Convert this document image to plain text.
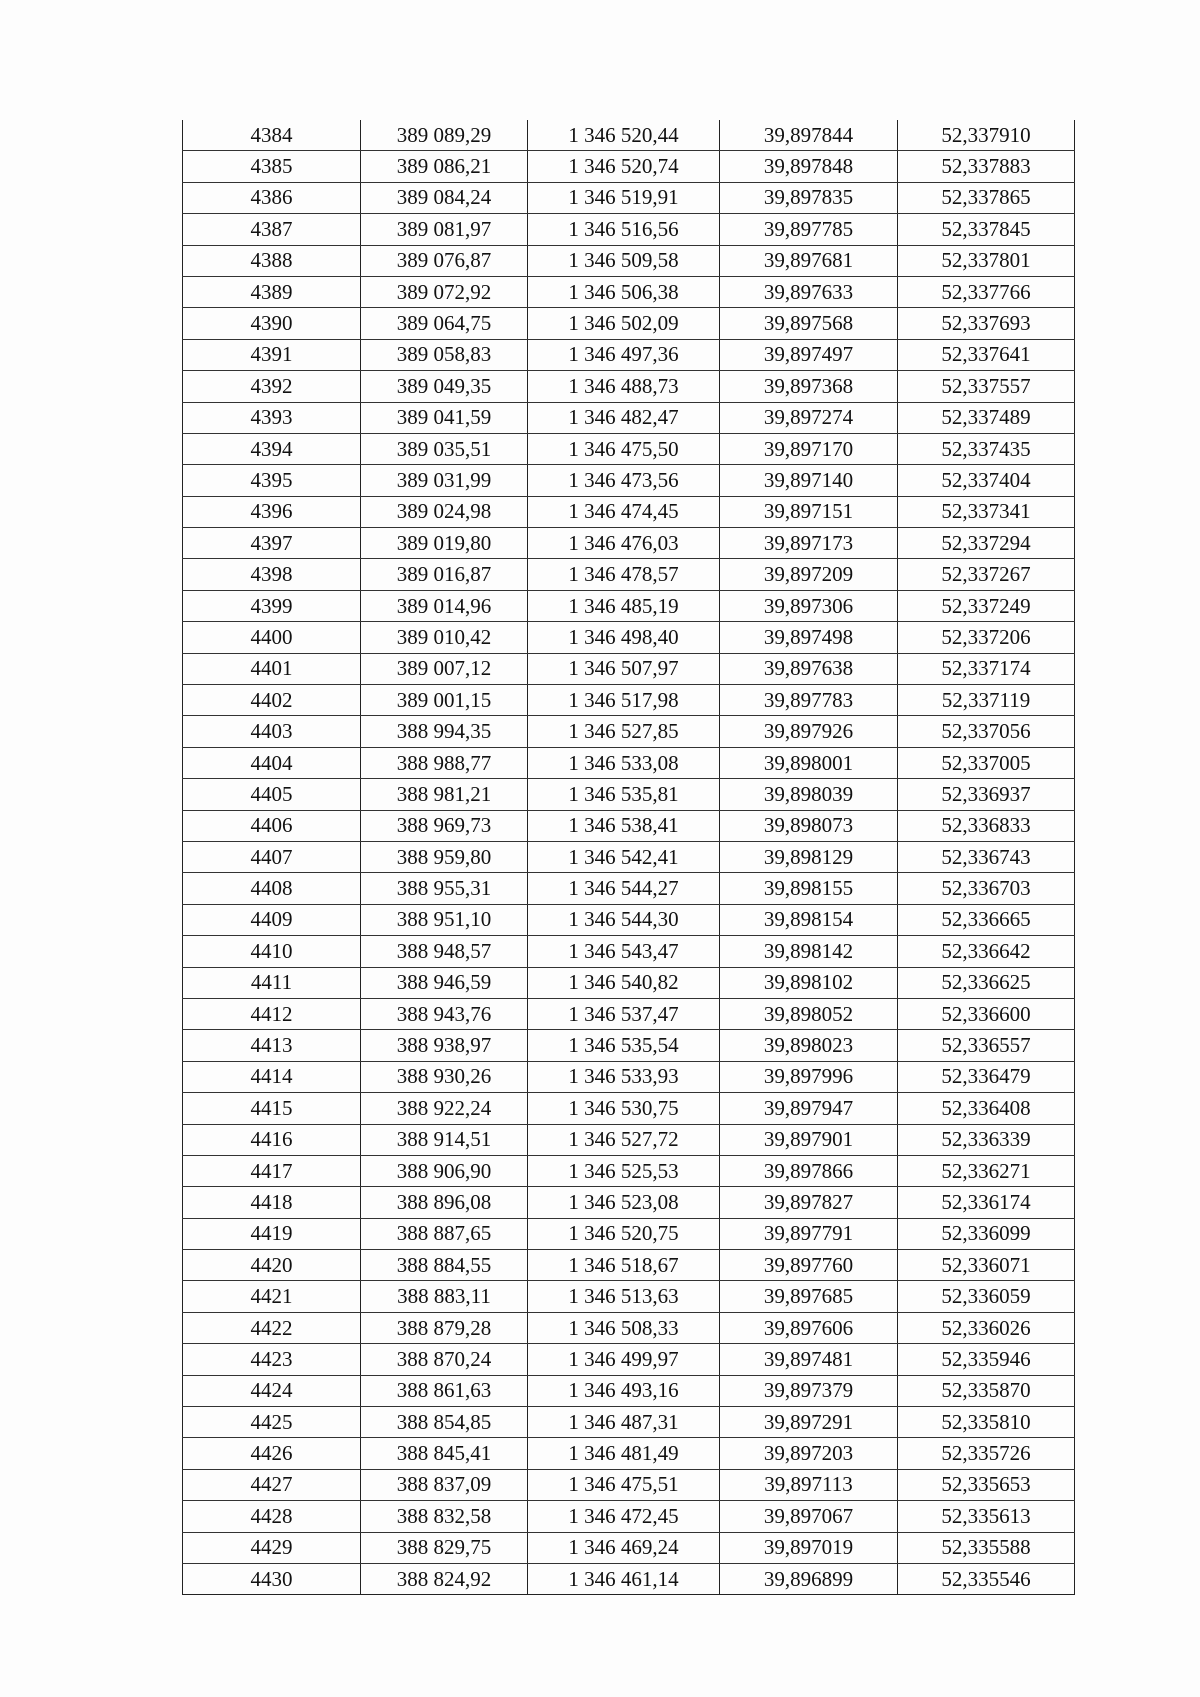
4384	389 089,29	1 346 520,44	39,897844	52,337910
4385	389 086,21	1 346 520,74	39,897848	52,337883
4386	389 084,24	1 346 519,91	39,897835	52,337865
4387	389 081,97	1 346 516,56	39,897785	52,337845
4388	389 076,87	1 346 509,58	39,897681	52,337801
4389	389 072,92	1 346 506,38	39,897633	52,337766
4390	389 064,75	1 346 502,09	39,897568	52,337693
4391	389 058,83	1 346 497,36	39,897497	52,337641
4392	389 049,35	1 346 488,73	39,897368	52,337557
4393	389 041,59	1 346 482,47	39,897274	52,337489
4394	389 035,51	1 346 475,50	39,897170	52,337435
4395	389 031,99	1 346 473,56	39,897140	52,337404
4396	389 024,98	1 346 474,45	39,897151	52,337341
4397	389 019,80	1 346 476,03	39,897173	52,337294
4398	389 016,87	1 346 478,57	39,897209	52,337267
4399	389 014,96	1 346 485,19	39,897306	52,337249
4400	389 010,42	1 346 498,40	39,897498	52,337206
4401	389 007,12	1 346 507,97	39,897638	52,337174
4402	389 001,15	1 346 517,98	39,897783	52,337119
4403	388 994,35	1 346 527,85	39,897926	52,337056
4404	388 988,77	1 346 533,08	39,898001	52,337005
4405	388 981,21	1 346 535,81	39,898039	52,336937
4406	388 969,73	1 346 538,41	39,898073	52,336833
4407	388 959,80	1 346 542,41	39,898129	52,336743
4408	388 955,31	1 346 544,27	39,898155	52,336703
4409	388 951,10	1 346 544,30	39,898154	52,336665
4410	388 948,57	1 346 543,47	39,898142	52,336642
4411	388 946,59	1 346 540,82	39,898102	52,336625
4412	388 943,76	1 346 537,47	39,898052	52,336600
4413	388 938,97	1 346 535,54	39,898023	52,336557
4414	388 930,26	1 346 533,93	39,897996	52,336479
4415	388 922,24	1 346 530,75	39,897947	52,336408
4416	388 914,51	1 346 527,72	39,897901	52,336339
4417	388 906,90	1 346 525,53	39,897866	52,336271
4418	388 896,08	1 346 523,08	39,897827	52,336174
4419	388 887,65	1 346 520,75	39,897791	52,336099
4420	388 884,55	1 346 518,67	39,897760	52,336071
4421	388 883,11	1 346 513,63	39,897685	52,336059
4422	388 879,28	1 346 508,33	39,897606	52,336026
4423	388 870,24	1 346 499,97	39,897481	52,335946
4424	388 861,63	1 346 493,16	39,897379	52,335870
4425	388 854,85	1 346 487,31	39,897291	52,335810
4426	388 845,41	1 346 481,49	39,897203	52,335726
4427	388 837,09	1 346 475,51	39,897113	52,335653
4428	388 832,58	1 346 472,45	39,897067	52,335613
4429	388 829,75	1 346 469,24	39,897019	52,335588
4430	388 824,92	1 346 461,14	39,896899	52,335546
